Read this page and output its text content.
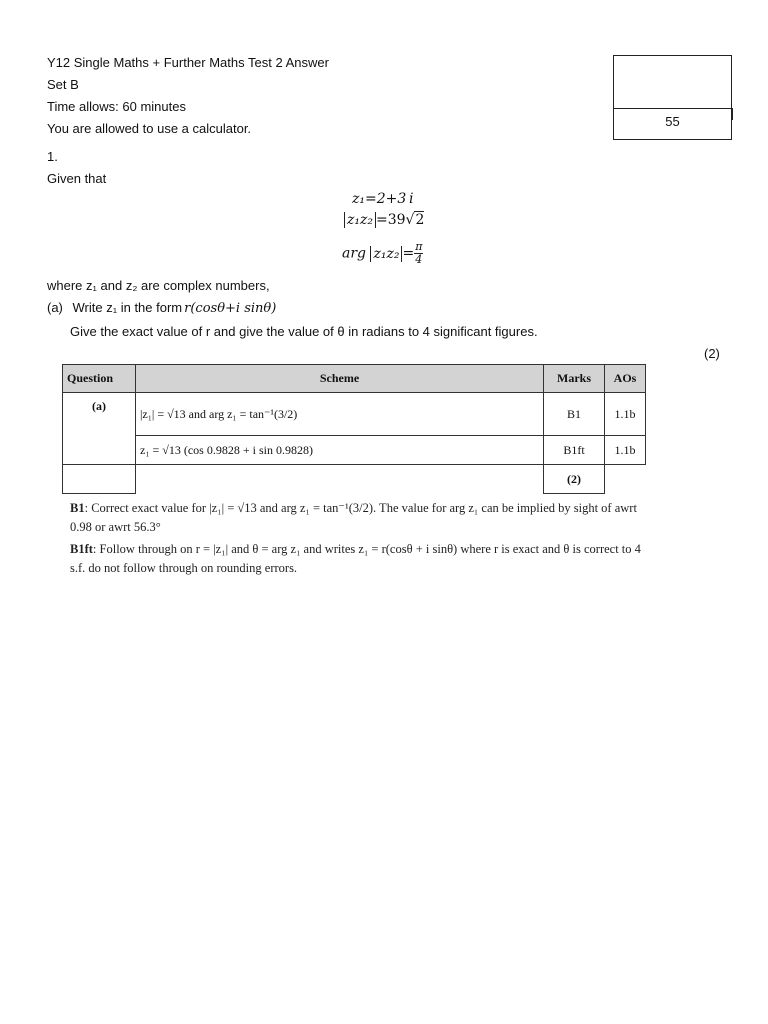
Y12 Single Maths + Further Maths Test 2 Answer
Set B
Time allows: 60 minutes
You are allowed to use a calculator.	55
1.
Given that
z₁=2+3 i
z₁z₂ =39√2
arg $z_1z_2 = \frac{\pi}{4}$
where z₁ and z₂ are complex numbers,
(a) Write z₁ in the form r(cosθ+i sinθ)
Give the exact value of r and give the value of θ in radians to 4 significant figures.
(2)
Question	Scheme	Marks	AOs
(a)	|z₁| = √13 and arg z₁ = tan⁻¹(3/2)	B1	1.1b
	z₁ = √13 (cos 0.9828 + i sin 0.9828)	B1ft	1.1b
		(2)	
B1: Correct exact value for |z₁| = √13 and arg z₁ = tan⁻¹(3/2). The value for arg z₁ can be implied by sight of awrt 0.98 or awrt 56.3°
B1ft: Follow through on r = |z₁| and θ = arg z₁ and writes z₁ = r(cosθ + i sinθ) where r is exact and θ is correct to 4 s.f. do not follow through on rounding errors.
